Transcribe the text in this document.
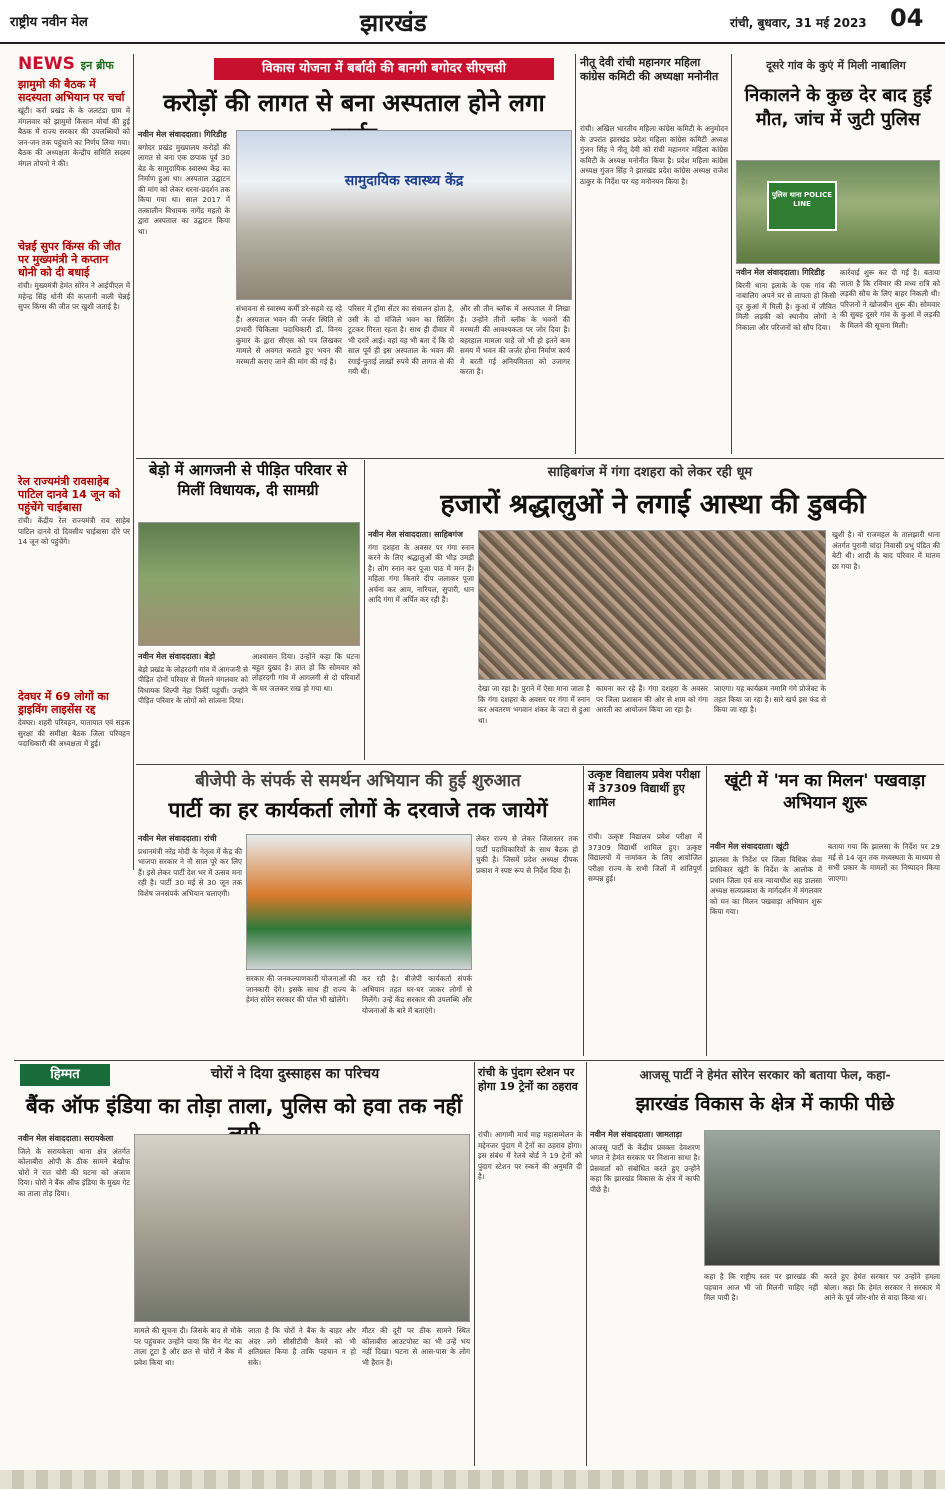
राष्ट्रीय नवीन मेल	झारखंड	रांची, बुधवार, 31 मई 2023 04
NEWS इन ब्रीफ
झामुमो की बैठक में सदस्यता अभियान पर चर्चा
खूंटी। कर्रा प्रखंड के के जलटंडा ग्राम में मंगलवार को झामुमो किसान मोर्चा की हुई बैठक में राज्य सरकार की उपलब्धियों को जन-जन तक पहुंचाने का निर्णय लिया गया। बैठक की अध्यक्षता केन्द्रीय समिति सदस्य मंगल तोपनो ने की।
चेन्नई सुपर किंग्स की जीत पर मुख्यमंत्री ने कप्तान धोनी को दी बधाई
रांची। मुख्यमंत्री हेमंत सोरेन ने आईपीएल में महेन्द्र सिंह धोनी की कप्तानी वाली चेन्नई सुपर किंग्स की जीत पर खुशी जताई है।
रेल राज्यमंत्री रावसाहेब पाटिल दानवे 14 जून को पहुंचेंगे चाईबासा
रांची। केंद्रीय रेल राज्यमंत्री राव साहेब पाटिल दानवे दो दिवसीय चाईबासा दौरे पर 14 जून को पहुंचेंगे।
देवघर में 69 लोगों का ड्राइविंग लाइसेंस रद्द
देवघर। शहरी परिवहन, यातायात एवं सड़क सुरक्षा की समीक्षा बैठक जिला परिवहन पदाधिकारी की अध्यक्षता में हुई।
विकास योजना में बर्बादी की बानगी बगोदर सीएचसी
करोड़ों की लागत से बना अस्पताल होने लगा
नवीन मेल संवाददाता। गिरिडीह
बगोदर प्रखंड मुख्यालय करोड़ों की लागत से बना एक छपाक पूर्व 30 बेड के सामुदायिक स्वास्थ्य केंद्र का निर्माण हुआ था। अस्पताल उद्घाटन की मांग को लेकर धरना-प्रदर्शन तक किया गया था। साल 2017 में तत्कालीन विधायक नागेंद्र महतो के द्वारा अस्पताल का उद्घाटन किया था।
सामुदायिक स्वास्थ्य केंद्र
संभावना से स्वास्थ्य कर्मी डरे-सहमे रह रहे हैं। अस्पताल भवन की जर्जर स्थिति से प्रभारी चिकित्सा पदाधिकारी डॉ. विनय कुमार के द्वारा सीएस को पत्र लिखकर मामले से अवगत कराते हुए भवन की मरम्मती कराए जाने की मांग की गई है।
परिसर में ट्रॉमा सेंटर का संचालन होता है, उसी के दो मंजिले भवन का सिलिंग टूटकर गिरता रहता है। साथ ही दीवार में भी दरारें आई। वहां यह भी बता दें कि दो साल पूर्व ही इस अस्पताल के भवन की रंगाई-पुताई लाखों रुपये की लागत से की गयी थी।
और सी तीन ब्लॉक में अस्पताल में लिखा है। उन्होंने तीनों ब्लॉक के भवनों की मरम्मती की आवश्यकता पर जोर दिया है। बहरहाल मामला चाहे जो भी हो इतने कम समय में भवन की जर्जर होना निर्माण कार्य में बरती गई अनियमितता को उजागर करता है।
नीतू देवी रांची महानगर महिला कांग्रेस कमिटी की अध्यक्षा मनोनीत
रांची। अखिल भारतीय महिला कांग्रेस कमिटी के अनुमोदन के उपरांत झारखंड प्रदेश महिला कांग्रेस कमिटी अध्यक्ष गुंजन सिंह ने नीतू देवी को रांची महानगर महिला कांग्रेस कमिटी के अध्यक्ष मनोनीत किया है। प्रदेश महिला कांग्रेस अध्यक्ष गुंजन सिंह ने झारखंड प्रदेश कांग्रेस अध्यक्ष राजेश ठाकुर के निर्देश पर यह मनोनयन किया है।
दूसरे गांव के कुएं में मिली नाबालिग
निकालने के कुछ देर बाद हुई मौत, जांच में जुटी पुलिस
पुलिस थाना POLICE LINE
नवीन मेल संवाददाता। गिरिडीह
बिरनी थाना इलाके के एक गांव की नाबालिग अपने घर से लापता हो किसी दूर कुआं में मिली है। कुआं में जीवित मिली लड़की को स्थानीय लोगों ने निकाला और परिजनों को सौंप दिया।
कार्रवाई शुरू कर दी गई है। बताया जाता है कि रविवार की मध्य रात्रि को लड़की सौच के लिए बाहर निकली थी। परिजनों ने खोजबीन शुरू की। सोमवार की सुबह दूसरे गांव के कुआं में लड़की के मिलने की सूचना मिली।
बेड़ो में आगजनी से पीड़ित परिवार से मिलीं विधायक, दी सामग्री
नवीन मेल संवाददाता। बेड़ो
बेड़ो प्रखंड के लोहरदगी गांव में आगजनी से पीड़ित दोनों परिवार से मिलने मंगलवार को विधायक शिल्पी नेहा तिर्की पहुंचीं। उन्होंने पीड़ित परिवार के लोगों को सांत्वना दिया।
आश्वासन दिया। उन्होंने कहा कि घटना बहुत दुखद है। ज्ञात हो कि सोमवार को लोहरदगी गांव में आगलगी से दो परिवारों के घर जलकर राख हो गया था।
साहिबगंज में गंगा दशहरा को लेकर रही धूम
हजारों श्रद्धालुओं ने लगाई आस्था की डुबकी
नवीन मेल संवाददाता। साहिबगंज
गंगा दशहरा के अवसर पर गंगा स्नान करने के लिए श्रद्धालुओं की भीड़ उमड़ी है। लोग स्नान कर पूजा पाठ में मग्न हैं। महिला गंगा किनारे दीप जलाकर पूजा अर्चना कर आम, नारियल, सुपारी, धान आदि गंगा में अर्पित कर रही हैं।
देखा जा रहा है। पुराने में ऐसा माना जाता है कि गंगा दशहरा के अवसर पर गंगा में स्नान कर अवतरण भगवान शंकर के जटा से हुआ था।
कामना कर रहे हैं। गंगा दशहरा के अवसर पर जिला प्रशासन की ओर से शाम को गंगा आरती का आयोजन किया जा रहा है।
जाएगा। यह कार्यक्रम नमामि गंगे प्रोजेक्ट के तहत किया जा रहा है। सारे खर्च इस फंड से किया जा रहा है।
खुशी है। वो राजमहल के तालझारी थाना अंतर्गत पुरानी चांदा निवासी प्रभु पंडित की बेटी थी। शादी के बाद परिवार में मातम छा गया है।
बीजेपी के संपर्क से समर्थन अभियान की हुई शुरुआत
पार्टी का हर कार्यकर्ता लोगों के दरवाजे तक जायेगें
नवीन मेल संवाददाता। रांची
प्रधानमंत्री नरेंद्र मोदी के नेतृत्व में केंद्र की भाजपा सरकार ने नौ साल पूरे कर लिए हैं। इसे लेकर पार्टी देश भर में उत्सव मना रही है। पार्टी 30 मई से 30 जून तक विशेष जनसंपर्क अभियान चलाएगी।
सरकार की जनकल्याणकारी योजनाओं की जानकारी देंगे। इसके साथ ही राज्य के हेमंत सोरेन सरकार की पोल भी खोलेंगे।
कर रही है। बीजेपी कार्यकर्ता संपर्क अभियान तहत घर-घर जाकर लोगों से मिलेंगे। उन्हें केंद्र सरकार की उपलब्धि और योजनाओं के बारे में बताएंगे।
लेकर राज्य से लेकर जिलास्तर तक पार्टी पदाधिकारियों के साथ बैठक हो चुकी है। जिसमें प्रदेश अध्यक्ष दीपक प्रकाश ने स्पष्ट रूप से निर्देश दिया है।
उत्कृष्ट विद्यालय प्रवेश परीक्षा में 37309 विद्यार्थी हुए शामिल
रांची। उत्कृष्ट विद्यालय प्रवेश परीक्षा में 37309 विद्यार्थी शामिल हुए। उत्कृष्ट विद्यालयों में नामांकन के लिए आयोजित परीक्षा राज्य के सभी जिलों में शांतिपूर्ण सम्पन्न हुई।
खूंटी में 'मन का मिलन' पखवाड़ा अभियान शुरू
नवीन मेल संवाददाता। खूंटी
झालसा के निर्देश पर जिला विधिक सेवा प्राधिकार खूंटी के निर्देश के आलोक में प्रधान जिला एवं सत्र न्यायाधीश सह डालसा अध्यक्ष सत्यप्रकाश के मार्गदर्शन में मंगलवार को मन का मिलन पखवाड़ा अभियान शुरू किया गया।
बताया गया कि झालसा के निर्देश पर 29 मई से 14 जून तक मध्यस्थता के माध्यम से सभी प्रकार के मामलों का निष्पादन किया जाएगा।
हिम्मत	चोरों ने दिया दुस्साहस का परिचय
बैंक ऑफ इंडिया का तोड़ा ताला, पुलिस को हवा तक नहीं
नवीन मेल संवाददाता। सरायकेला
जिले के सरायकेला थाना क्षेत्र अंतर्गत कोलाबीरा ओपी के ठीक सामने बेखौफ चोरों ने रात चोरी की घटना को अंजाम दिया। चोरों ने बैंक ऑफ इंडिया के मुख्य गेट का ताला तोड़ दिया।
मामले की सूचना दी। जिसके बाद से मौके पर पहुंचकर उन्होंने पाया कि मेन गेट का ताला टूटा है और छत से चोरों ने बैंक में प्रवेश किया था।
जाता है कि चोरों ने बैंक के बाहर और अंदर लगे सीसीटीवी कैमरे को भी क्षतिग्रस्त किया है ताकि पहचान न हो सके।
मीटर की दूरी पर ठीक सामने स्थित कोलाबीरा आउटपोस्ट का भी उन्हें भय नहीं दिखा। घटना से आस-पास के लोग भी हैरान हैं।
रांची के पुंदाग स्टेशन पर होगा 19 ट्रेनों का ठहराव
रांची। आगामी मार्च माह महासम्मेलन के मद्देनजर पुंदाग में ट्रेनों का ठहराव होगा। इस संबंध में रेलवे बोर्ड ने 19 ट्रेनों को पुंदाग स्टेशन पर रुकने की अनुमति दी है।
आजसू पार्टी ने हेमंत सोरेन सरकार को बताया फेल, कहा-
झारखंड विकास के क्षेत्र में काफी पीछे
नवीन मेल संवाददाता। जामताड़ा
आजसू पार्टी के केंद्रीय प्रवक्ता देवशरण भगत ने हेमंत सरकार पर निशाना साधा है। प्रेसवार्ता को संबोधित करते हुए उन्होंने कहा कि झारखंड विकास के क्षेत्र में काफी पीछे है।
कहा है कि राष्ट्रीय स्तर पर झारखंड की पहचान आज भी जो मिलनी चाहिए नहीं मिल पायी है।
करते हुए हेमंत सरकार पर उन्होंने हमला बोला। कहा कि हेमंत सरकार ने सरकार में आने के पूर्व जोर-शोर से वादा किया था।
